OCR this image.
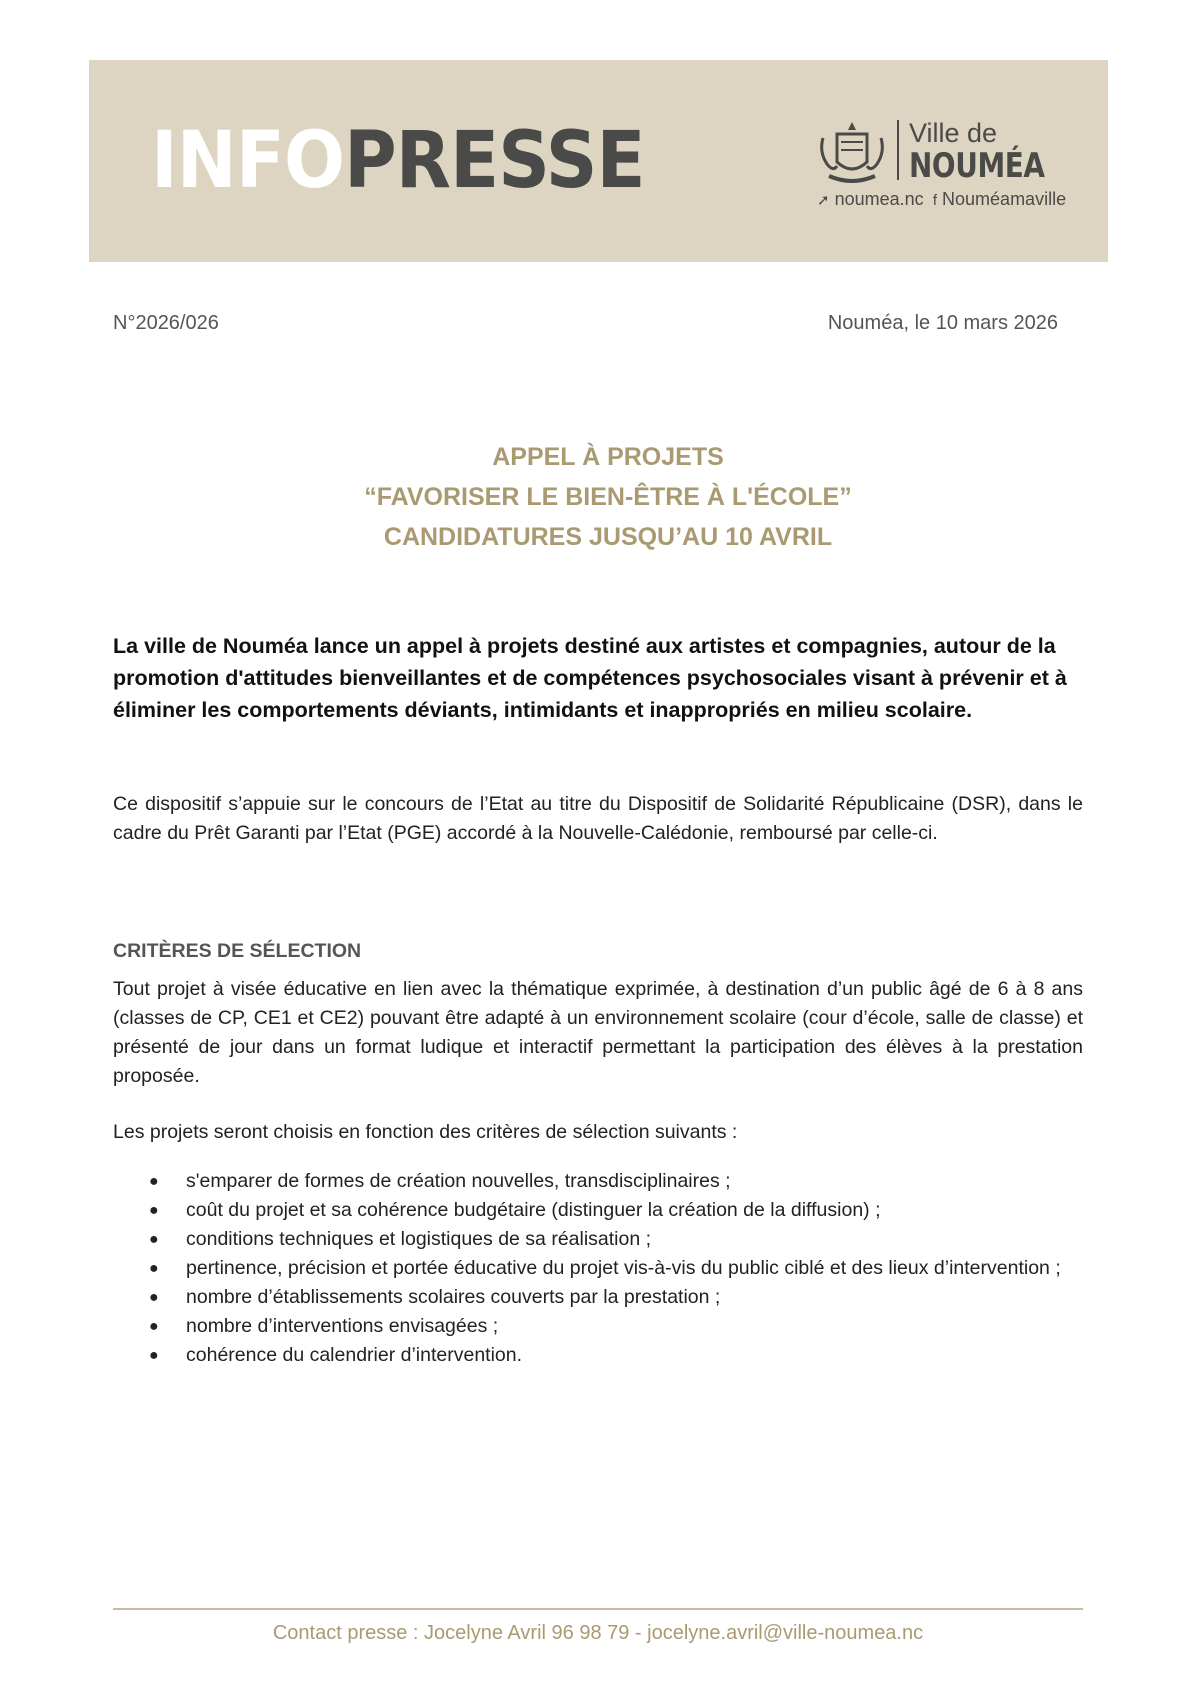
INFOPRESSE	Ville de
NOUMÉA
➚ noumea.nc  f Nouméamaville
N°2026/026	Nouméa, le 10 mars 2026
APPEL À PROJETS
“FAVORISER LE BIEN-ÊTRE À L'ÉCOLE”
CANDIDATURES JUSQU’AU 10 AVRIL
La ville de Nouméa lance un appel à projets destiné aux artistes et compagnies, autour de la promotion d'attitudes bienveillantes et de compétences psychosociales visant à prévenir et à éliminer les comportements déviants, intimidants et inappropriés en milieu scolaire.
Ce dispositif s’appuie sur le concours de l’Etat au titre du Dispositif de Solidarité Républicaine (DSR), dans le cadre du Prêt Garanti par l’Etat (PGE) accordé à la Nouvelle-Calédonie, remboursé par celle-ci.
CRITÈRES DE SÉLECTION
Tout projet à visée éducative en lien avec la thématique exprimée, à destination d’un public âgé de 6 à 8 ans (classes de CP, CE1 et CE2) pouvant être adapté à un environnement scolaire (cour d’école, salle de classe) et présenté de jour dans un format ludique et interactif permettant la participation des élèves à la prestation proposée.
Les projets seront choisis en fonction des critères de sélection suivants :
● s'emparer de formes de création nouvelles, transdisciplinaires ;
● coût du projet et sa cohérence budgétaire (distinguer la création de la diffusion) ;
● conditions techniques et logistiques de sa réalisation ;
● pertinence, précision et portée éducative du projet vis-à-vis du public ciblé et des lieux d’intervention ;
● nombre d’établissements scolaires couverts par la prestation ;
● nombre d’interventions envisagées ;
● cohérence du calendrier d’intervention.
Contact presse : Jocelyne Avril 96 98 79 - jocelyne.avril@ville-noumea.nc
